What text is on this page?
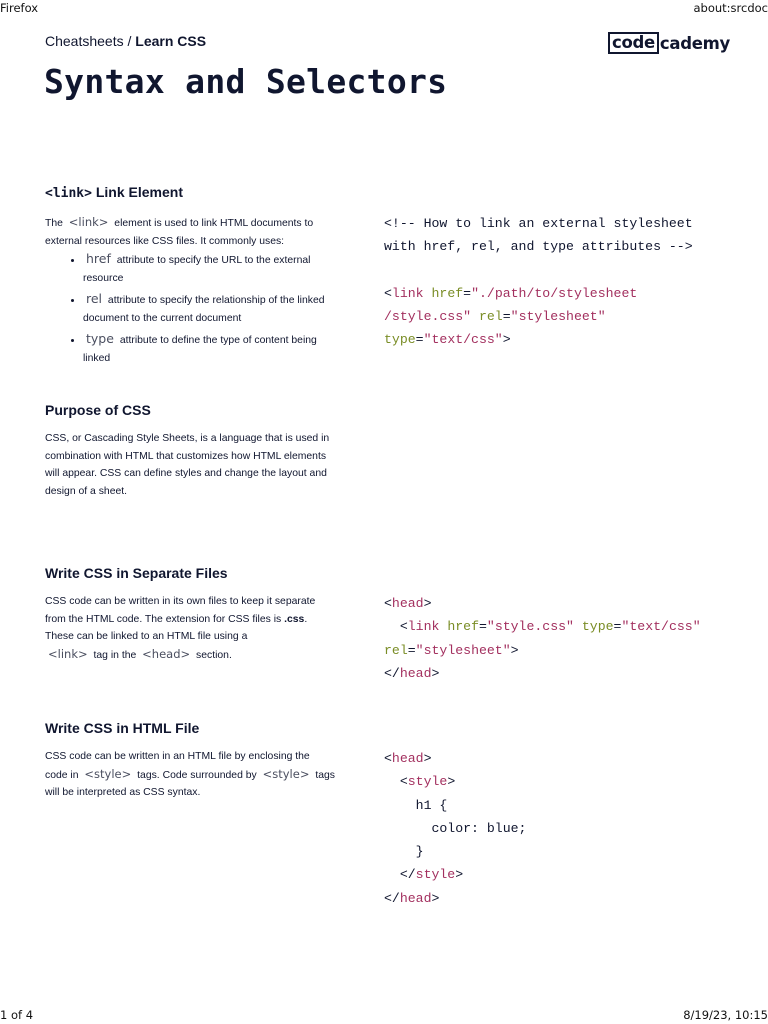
Firefox	about:srcdoc
Cheatsheets / Learn CSS	code cademy
Syntax and Selectors
<link> Link Element

The <link> element is used to link HTML documents to external resources like CSS files. It commonly uses:

• href attribute to specify the URL to the external resource
• rel attribute to specify the relationship of the linked document to the current document
• type attribute to define the type of content being linked
<!-- How to link an external stylesheet
with href, rel, and type attributes -->

<link href="./path/to/stylesheet
/style.css" rel="stylesheet"
type="text/css">
Purpose of CSS

CSS, or Cascading Style Sheets, is a language that is used in combination with HTML that customizes how HTML elements will appear. CSS can define styles and change the layout and design of a sheet.

Write CSS in Separate Files

CSS code can be written in its own files to keep it separate from the HTML code. The extension for CSS files is .css. These can be linked to an HTML file using a
<link> tag in the <head> section.

<head>
<link href="style.css" type="text/css"
rel="stylesheet">
</head>
Write CSS in HTML File

CSS code can be written in an HTML file by enclosing the code in <style> tags. Code surrounded by <style> tags will be interpreted as CSS syntax.

<head>
<style>
h1 {
color: blue;
}
</style>
</head>
1 of 4	8/19/23, 10:15
